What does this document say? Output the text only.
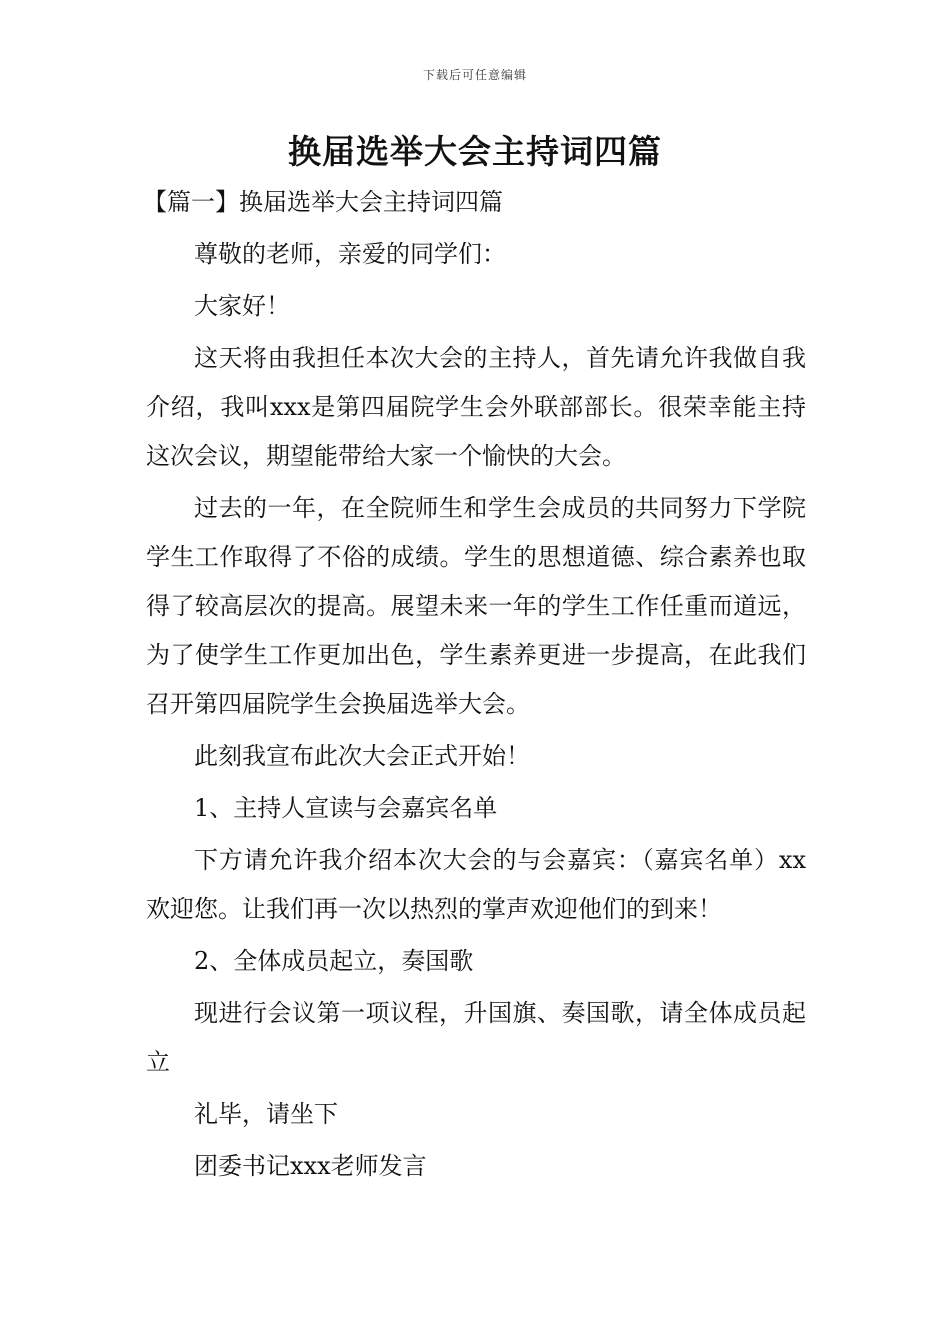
下载后可任意编辑
换届选举大会主持词四篇

【篇一】换届选举大会主持词四篇

尊敬的老师，亲爱的同学们：

大家好！

这天将由我担任本次大会的主持人，首先请允许我做自我介绍，我叫xxx是第四届院学生会外联部部长。很荣幸能主持这次会议，期望能带给大家一个愉快的大会。

过去的一年，在全院师生和学生会成员的共同努力下学院学生工作取得了不俗的成绩。学生的思想道德、综合素养也取得了较高层次的提高。展望未来一年的学生工作任重而道远，为了使学生工作更加出色，学生素养更进一步提高，在此我们召开第四届院学生会换届选举大会。

此刻我宣布此次大会正式开始！

1、主持人宣读与会嘉宾名单

下方请允许我介绍本次大会的与会嘉宾：（嘉宾名单）xx欢迎您。让我们再一次以热烈的掌声欢迎他们的到来！

2、全体成员起立，奏国歌

现进行会议第一项议程，升国旗、奏国歌，请全体成员起立

礼毕，请坐下

团委书记xxx老师发言
